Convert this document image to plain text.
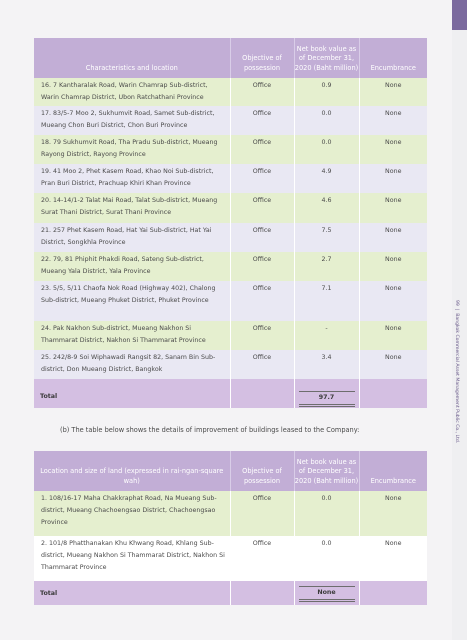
99  |  Bangkok Commercial Asset Management Public Co., Ltd.
Characteristics and location	Objective of possession	Net book value as of December 31, 2020 (Baht million)	Encumbrance
16. 7 Kantharalak Road, Warin Chamrap Sub-district, Warin Chamrap District, Ubon Ratchathani Province	Office	0.9	None
17. 83/5-7 Moo 2, Sukhumvit Road, Samet Sub-district, Mueang Chon Buri District, Chon Buri Province	Office	0.0	None
18. 79 Sukhumvit Road, Tha Pradu Sub-district, Mueang Rayong District, Rayong Province	Office	0.0	None
19. 41 Moo 2, Phet Kasem Road, Khao Noi Sub-district, Pran Buri District, Prachuap Khiri Khan Province	Office	4.9	None
20. 14-14/1-2 Talat Mai Road, Talat Sub-district, Mueang Surat Thani District, Surat Thani Province	Office	4.6	None
21. 257 Phet Kasem Road, Hat Yai Sub-district, Hat Yai District, Songkhla Province	Office	7.5	None
22. 79, 81 Phiphit Phakdi Road, Sateng Sub-district, Mueang Yala District, Yala Province	Office	2.7	None
23. 5/5, 5/11 Chaofa Nok Road (Highway 402), Chalong Sub-district, Mueang Phuket District, Phuket Province	Office	7.1	None
24. Pak Nakhon Sub-district, Mueang Nakhon Si Thammarat District, Nakhon Si Thammarat Province	Office	-	None
25. 242/8-9 Soi Wiphawadi Rangsit 82, Sanam Bin Sub-district, Don Mueang District, Bangkok	Office	3.4	None
Total		97.7	

(b) The table below shows the details of improvement of buildings leased to the Company:
Location and size of land (expressed in rai-ngan-square wah)	Objective of possession	Net book value as of December 31, 2020 (Baht million)	Encumbrance
1. 108/16-17 Maha Chakkraphat Road, Na Mueang Sub-district, Mueang Chachoengsao District, Chachoengsao Province	Office	0.0	None
2. 101/8 Phatthanakan Khu Khwang Road, Khlang Sub-district, Mueang Nakhon Si Thammarat District, Nakhon Si Thammarat Province	Office	0.0	None
Total		None	
